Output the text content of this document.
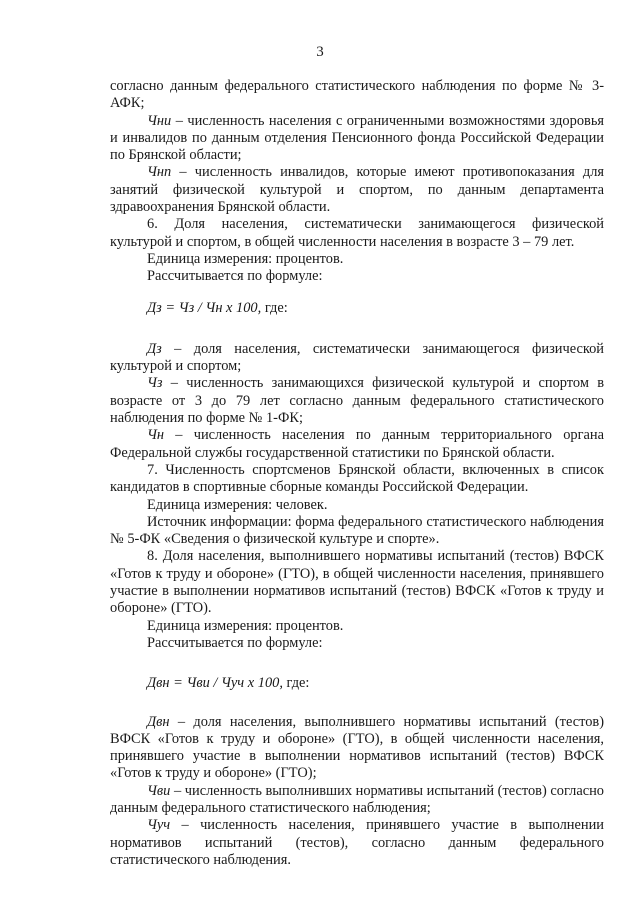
3

согласно данным федерального статистического наблюдения по форме № 3-АФК;

Чни – численность населения с ограниченными возможностями здоровья и инвалидов по данным отделения Пенсионного фонда Российской Федерации по Брянской области;

Чнп – численность инвалидов, которые имеют противопоказания для занятий физической культурой и спортом, по данным департамента здравоохранения Брянской области.

6. Доля населения, систематически занимающегося физической культурой и спортом, в общей численности населения в возрасте 3 – 79 лет.

Единица измерения: процентов.

Рассчитывается по формуле:

Дз = Чз / Чн х 100, где:

Дз – доля населения, систематически занимающегося физической культурой и спортом;

Чз – численность занимающихся физической культурой и спортом в возрасте от 3 до 79 лет согласно данным федерального статистического наблюдения по форме № 1-ФК;

Чн – численность населения по данным территориального органа Федеральной службы государственной статистики по Брянской области.

7. Численность спортсменов Брянской области, включенных в список кандидатов в спортивные сборные команды Российской Федерации.

Единица измерения: человек.

Источник информации: форма федерального статистического наблюдения № 5-ФК «Сведения о физической культуре и спорте».

8. Доля населения, выполнившего нормативы испытаний (тестов) ВФСК «Готов к труду и обороне» (ГТО), в общей численности населения, принявшего участие в выполнении нормативов испытаний (тестов) ВФСК «Готов к труду и обороне» (ГТО).

Единица измерения: процентов.

Рассчитывается по формуле:

Двн = Чви / Чуч х 100, где:

Двн – доля населения, выполнившего нормативы испытаний (тестов) ВФСК «Готов к труду и обороне» (ГТО), в общей численности населения, принявшего участие в выполнении нормативов испытаний (тестов) ВФСК «Готов к труду и обороне» (ГТО);

Чви – численность выполнивших нормативы испытаний (тестов) согласно данным федерального статистического наблюдения;

Чуч – численность населения, принявшего участие в выполнении нормативов испытаний (тестов), согласно данным федерального статистического наблюдения.
